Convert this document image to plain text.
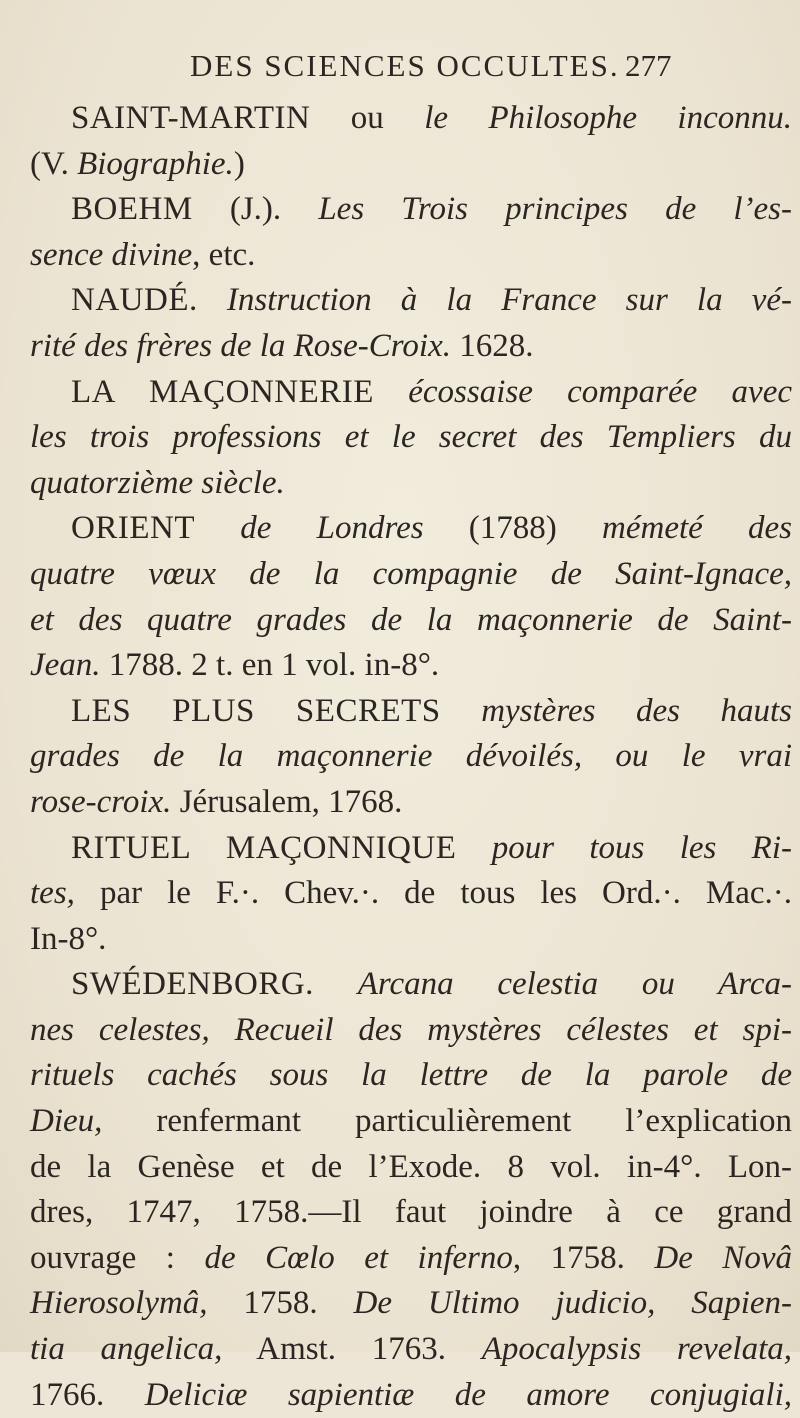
DES SCIENCES OCCULTES. 277
SAINT-MARTIN ou le Philosophe inconnu.
(V. Biographie.)
BOEHM (J.). Les Trois principes de l’es-
sence divine, etc.
NAUDÉ. Instruction à la France sur la vé-
rité des frères de la Rose-Croix. 1628.
LA MAÇONNERIE écossaise comparée avec
les trois professions et le secret des Templiers du
quatorzième siècle.
ORIENT de Londres (1788) mémeté des
quatre vœux de la compagnie de Saint-Ignace,
et des quatre grades de la maçonnerie de Saint-
Jean. 1788. 2 t. en 1 vol. in-8°.
LES PLUS SECRETS mystères des hauts
grades de la maçonnerie dévoilés, ou le vrai
rose-croix. Jérusalem, 1768.
RITUEL MAÇONNIQUE pour tous les Ri-
tes, par le F.·. Chev.·. de tous les Ord.·. Mac.·.
In-8°.
SWÉDENBORG. Arcana celestia ou Arca-
nes celestes, Recueil des mystères célestes et spi-
rituels cachés sous la lettre de la parole de
Dieu, renfermant particulièrement l’explication
de la Genèse et de l’Exode. 8 vol. in-4°. Lon-
dres, 1747, 1758.—Il faut joindre à ce grand
ouvrage : de Cœlo et inferno, 1758. De Novâ
Hierosolymâ, 1758. De Ultimo judicio, Sapien-
tia angelica, Amst. 1763. Apocalypsis revelata,
1766. Deliciæ sapientiæ de amore conjugiali,
